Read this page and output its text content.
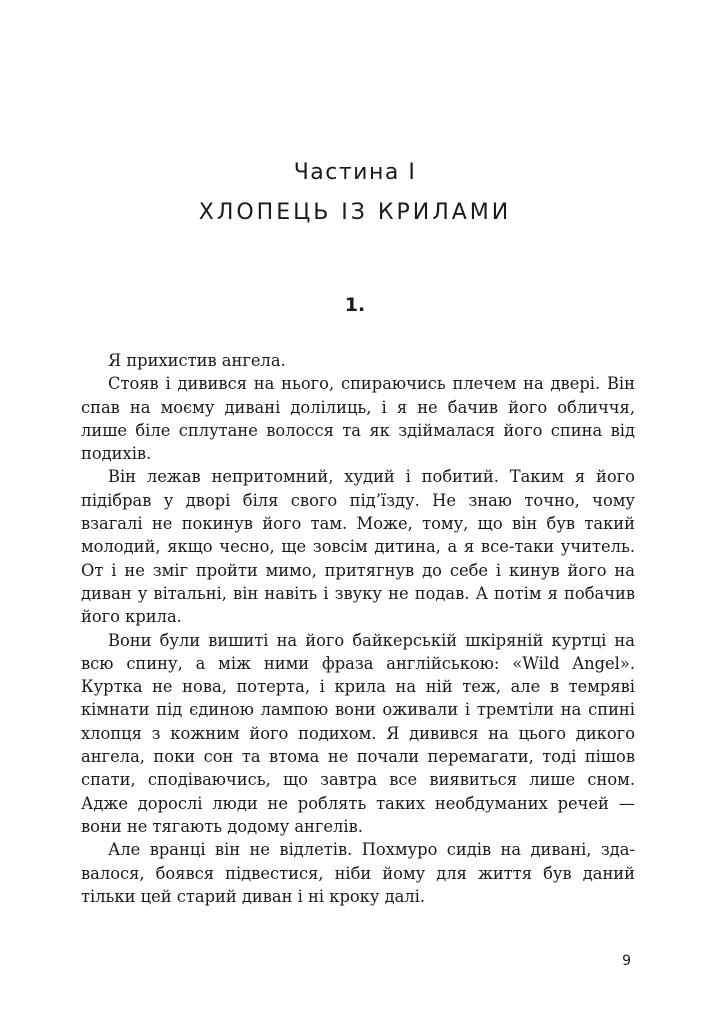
Частина І
ХЛОПЕЦЬ ІЗ КРИЛАМИ
1.

Я прихистив ангела.

Стояв і дивився на нього, спираючись плечем на двері. Він спав на моєму дивані долілиць, і я не бачив його обличчя, лише біле сплутане волосся та як здіймалася його спина від подихів.

Він лежав непритомний, худий і побитий. Таким я його підібрав у дворі біля свого під’їзду. Не знаю точно, чому взагалі не покинув його там. Може, тому, що він був такий молодий, якщо чесно, ще зовсім дитина, а я все-таки учитель. От і не зміг пройти мимо, притягнув до себе і кинув його на диван у вітальні, він навіть і звуку не подав. А потім я побачив його крила.

Вони були вишиті на його байкерській шкіряній куртці на всю спину, а між ними фраза англійською: «Wild Angel». Куртка не нова, потерта, і крила на ній теж, але в темряві кімнати під єдиною лампою вони оживали і тремтіли на спині хлопця з кожним його подихом. Я дивився на цього дикого ангела, поки сон та втома не почали перемагати, тоді пішов спати, сподіваючись, що завтра все виявиться лише сном. Адже дорослі люди не роблять таких необдуманих речей — вони не тягають додому ангелів.

Але вранці він не відлетів. Похмуро сидів на дивані, здавалося, боявся підвестися, ніби йому для життя був даний тільки цей старий диван і ні кроку далі.

9
